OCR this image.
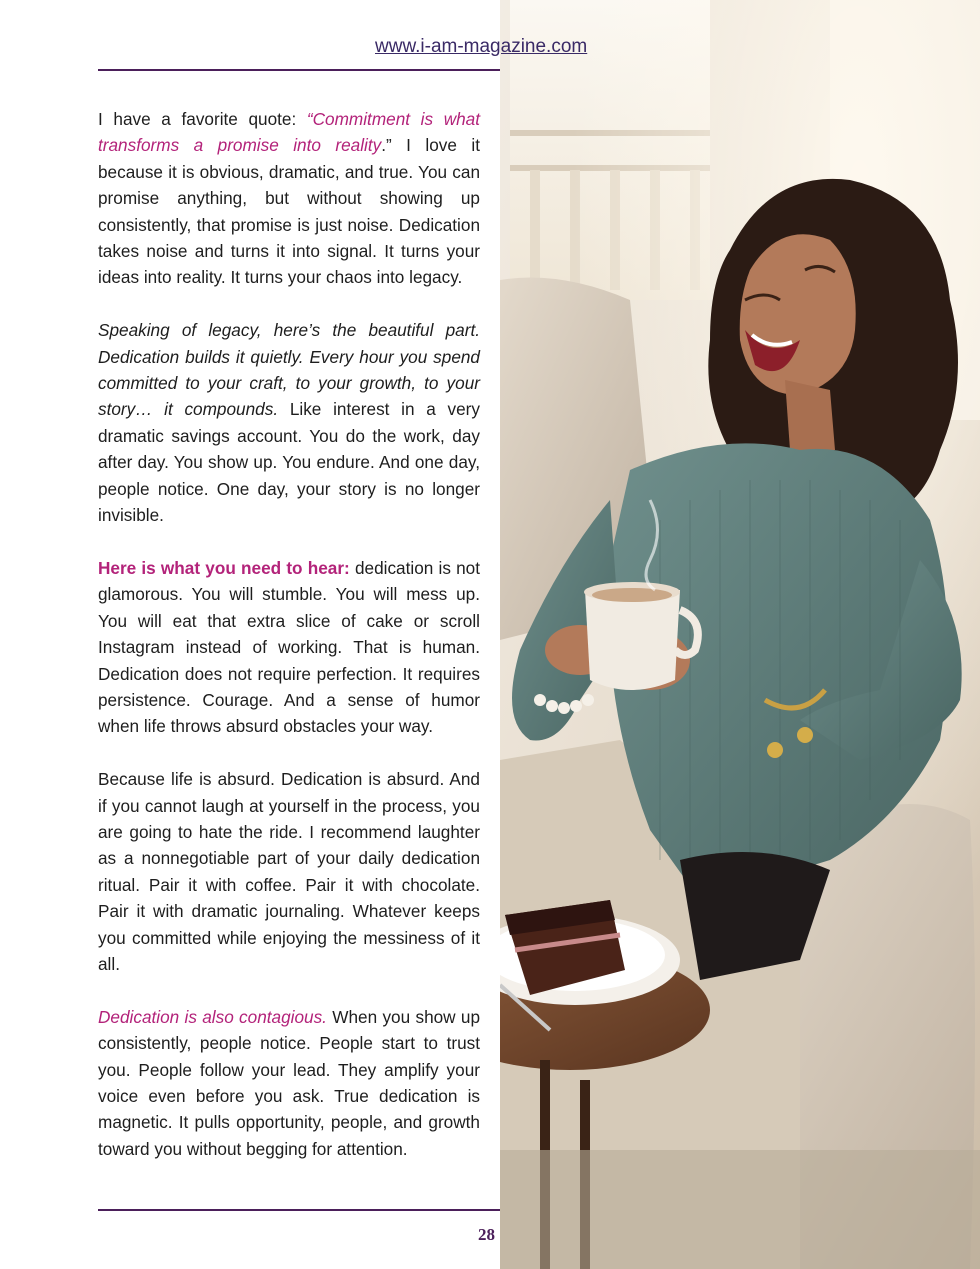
www.i-am-magazine.com

I have a favorite quote: “Commitment is what transforms a promise into reality.” I love it because it is obvious, dramatic, and true. You can promise anything, but without showing up consistently, that promise is just noise. Dedication takes noise and turns it into signal. It turns your ideas into reality. It turns your chaos into legacy.

Speaking of legacy, here’s the beautiful part. Dedication builds it quietly. Every hour you spend committed to your craft, to your growth, to your story… it compounds. Like interest in a very dramatic savings account. You do the work, day after day. You show up. You endure. And one day, people notice. One day, your story is no longer invisible.

Here is what you need to hear: dedication is not glamorous. You will stumble. You will mess up. You will eat that extra slice of cake or scroll Instagram instead of working. That is human. Dedication does not require perfection. It requires persistence. Courage. And a sense of humor when life throws absurd obstacles your way.

Because life is absurd. Dedication is absurd. And if you cannot laugh at yourself in the process, you are going to hate the ride. I recommend laughter as a nonnegotiable part of your daily dedication ritual. Pair it with coffee. Pair it with chocolate. Pair it with dramatic journaling. Whatever keeps you committed while enjoying the messiness of it all.

Dedication is also contagious. When you show up consistently, people notice. People start to trust you. People follow your lead. They amplify your voice even before you ask. True dedication is magnetic. It pulls opportunity, people, and growth toward you without begging for attention.

28
